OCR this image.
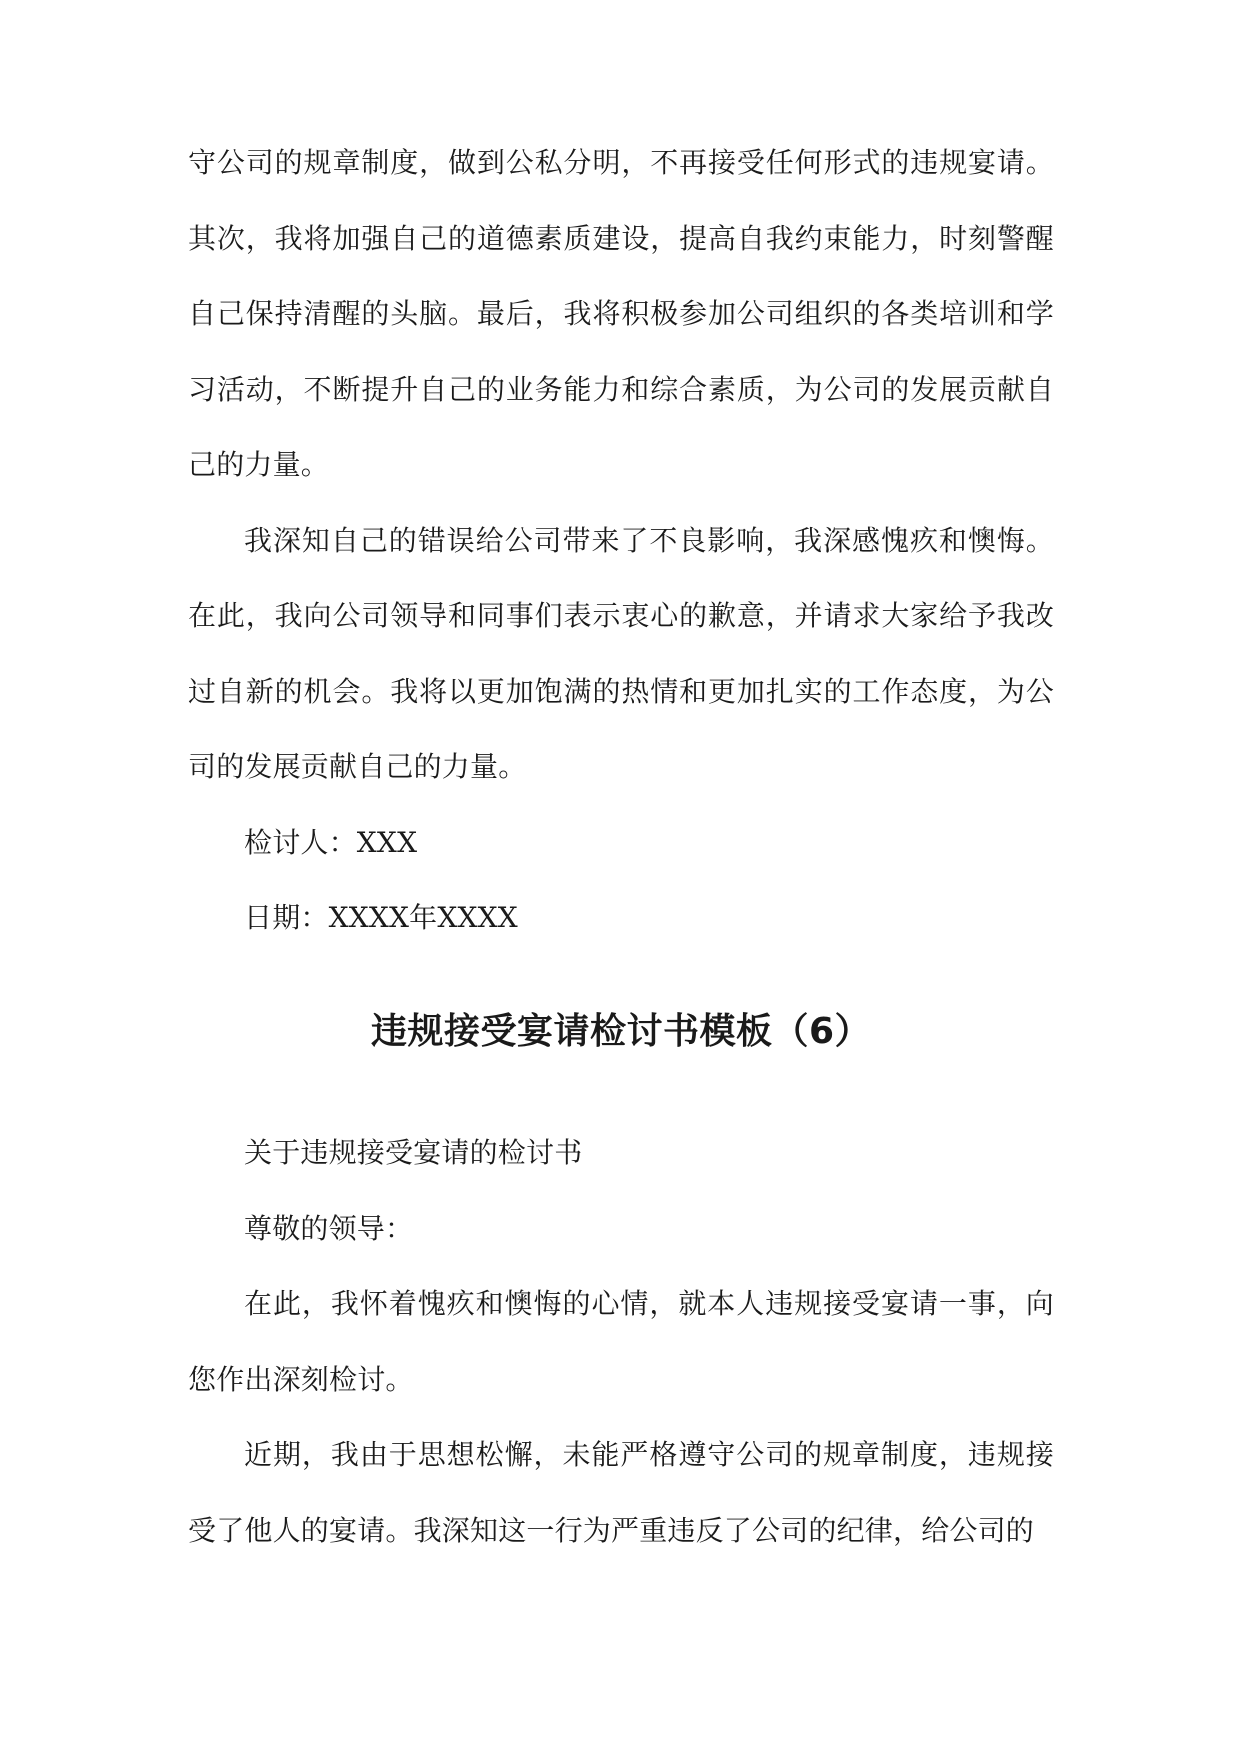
守公司的规章制度，做到公私分明，不再接受任何形式的违规宴请。其次，我将加强自己的道德素质建设，提高自我约束能力，时刻警醒自己保持清醒的头脑。最后，我将积极参加公司组织的各类培训和学习活动，不断提升自己的业务能力和综合素质，为公司的发展贡献自己的力量。

我深知自己的错误给公司带来了不良影响，我深感愧疚和懊悔。在此，我向公司领导和同事们表示衷心的歉意，并请求大家给予我改过自新的机会。我将以更加饱满的热情和更加扎实的工作态度，为公司的发展贡献自己的力量。

检讨人：XXX

日期：XXXX年XXXX

违规接受宴请检讨书模板（6）

关于违规接受宴请的检讨书

尊敬的领导：

在此，我怀着愧疚和懊悔的心情，就本人违规接受宴请一事，向您作出深刻检讨。

近期，我由于思想松懈，未能严格遵守公司的规章制度，违规接受了他人的宴请。我深知这一行为严重违反了公司的纪律，给公司的
